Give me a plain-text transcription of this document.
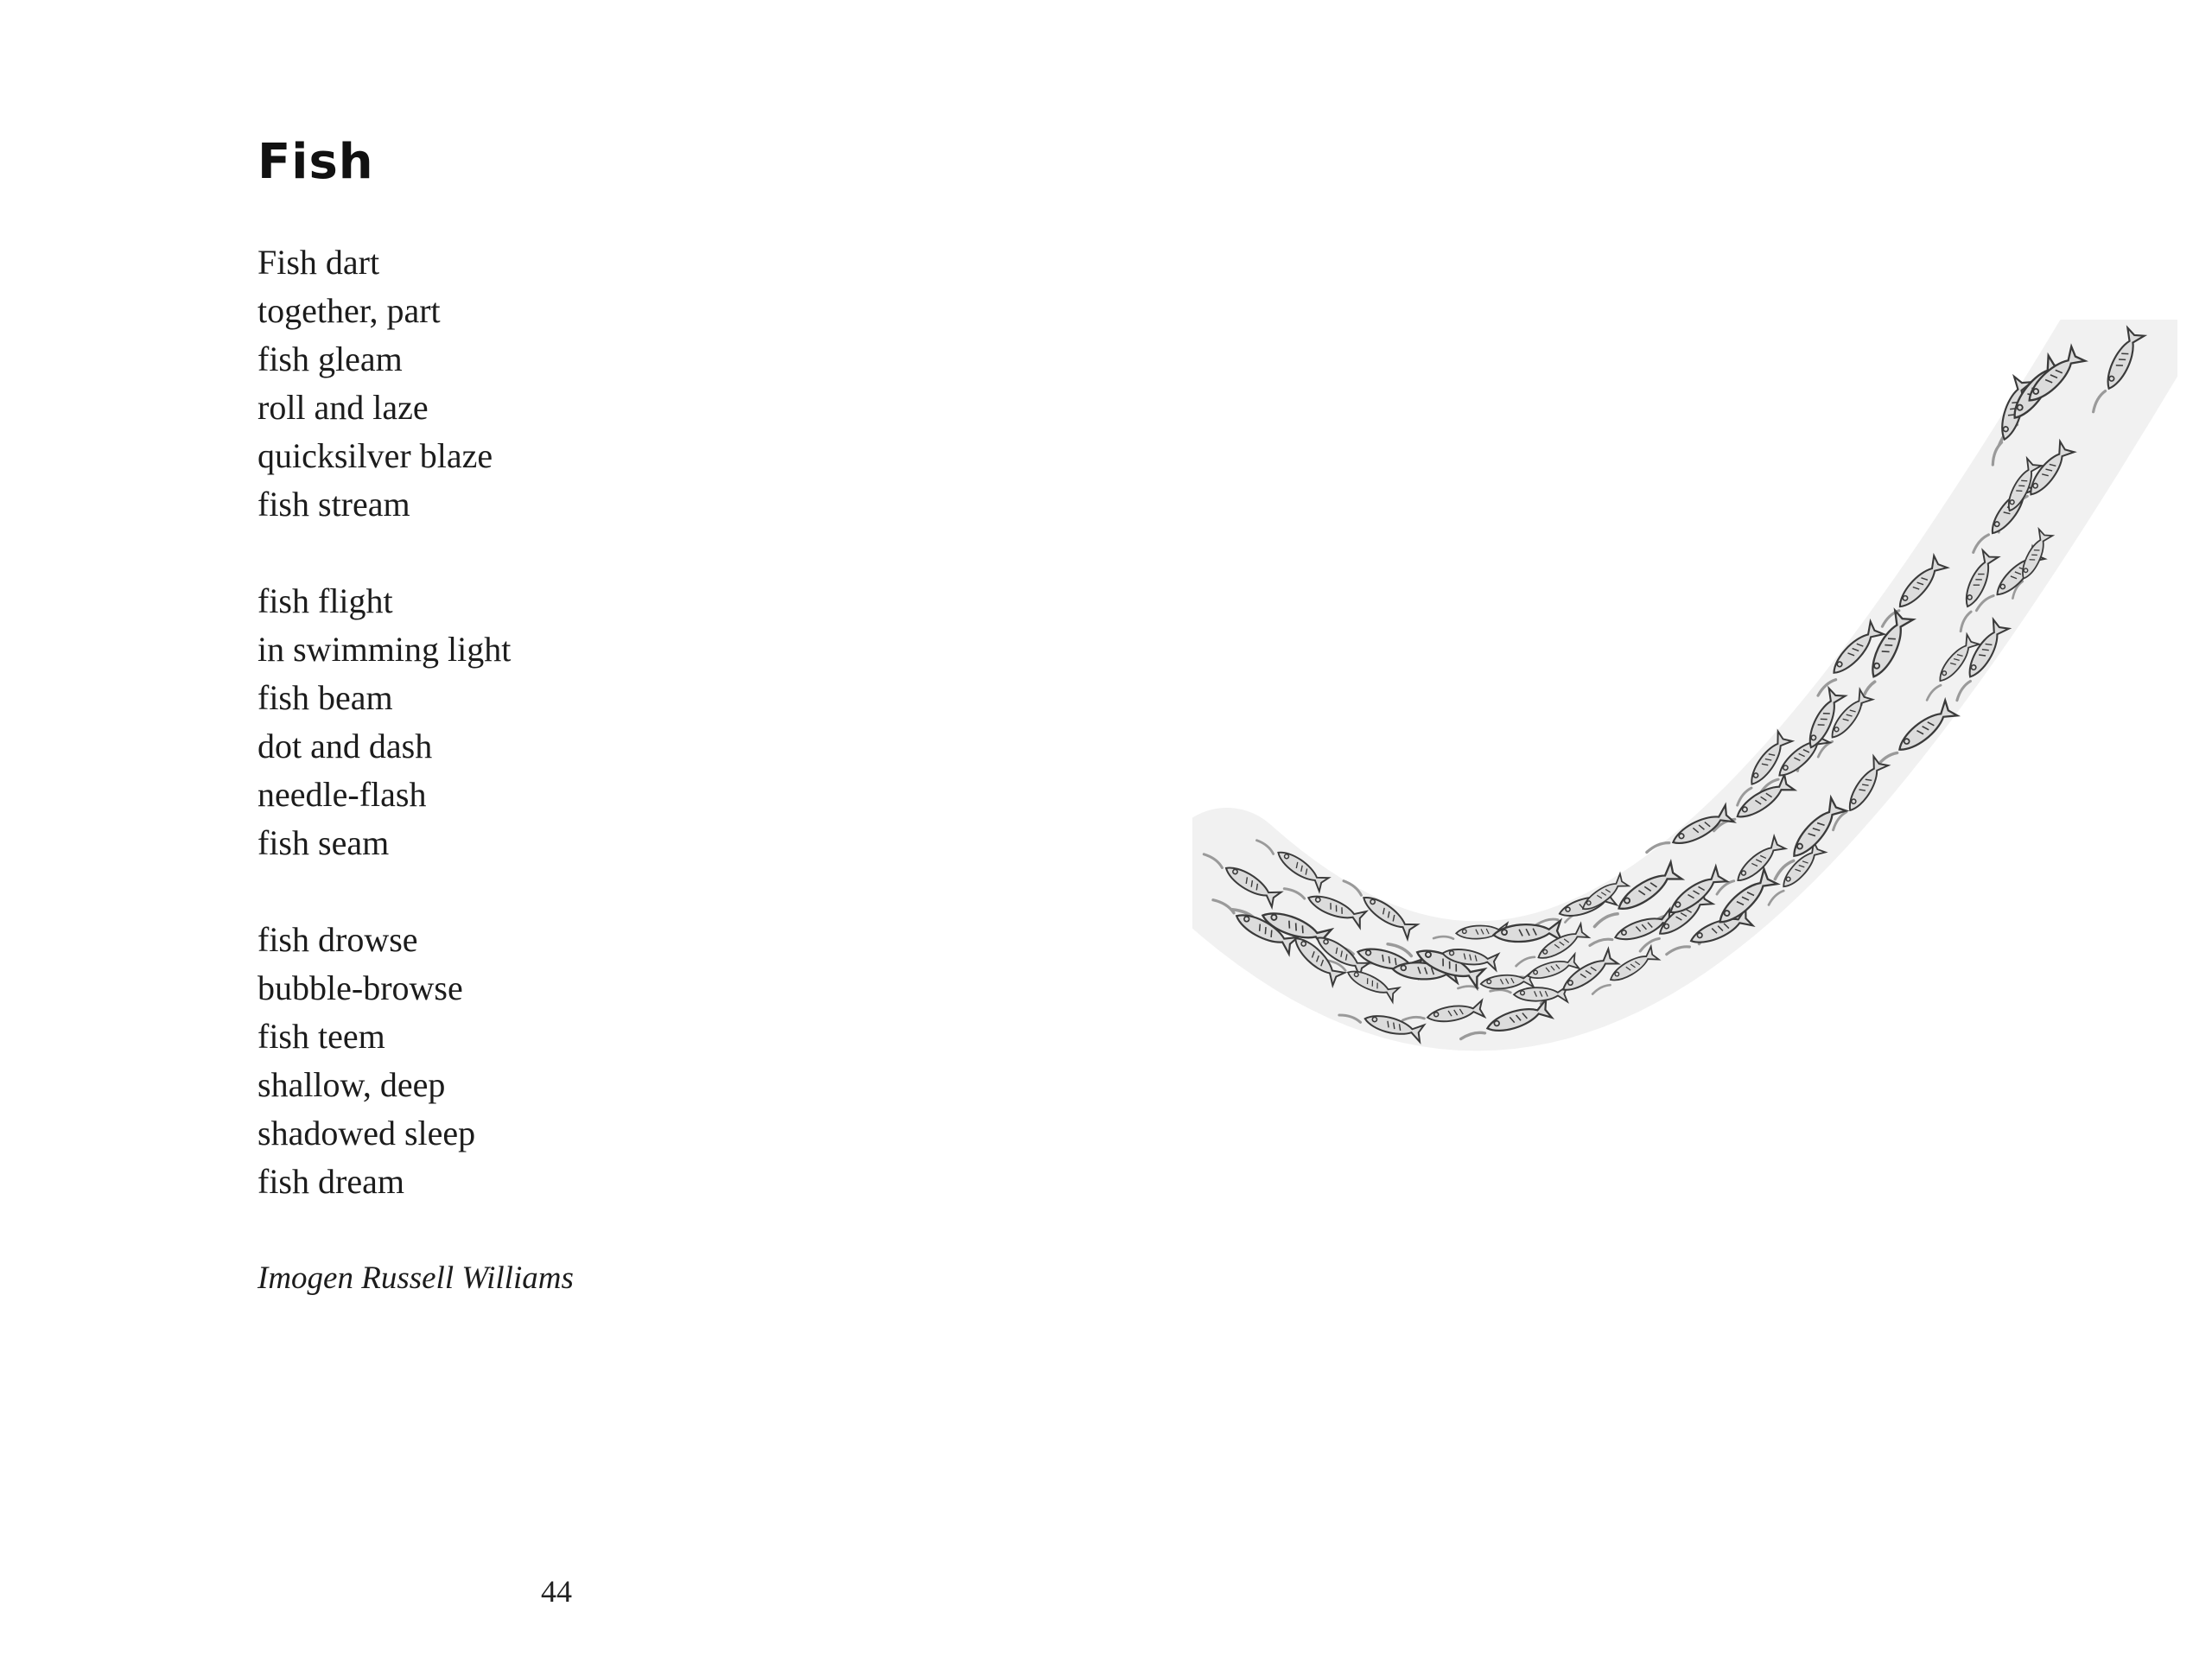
Fish
Fish dart
together, part
fish gleam
roll and laze
quicksilver blaze
fish stream
fish flight
in swimming light
fish beam
dot and dash
needle-flash
fish seam
fish drowse
bubble-browse
fish teem
shallow, deep
shadowed sleep
fish dream
Imogen Russell Williams
44
